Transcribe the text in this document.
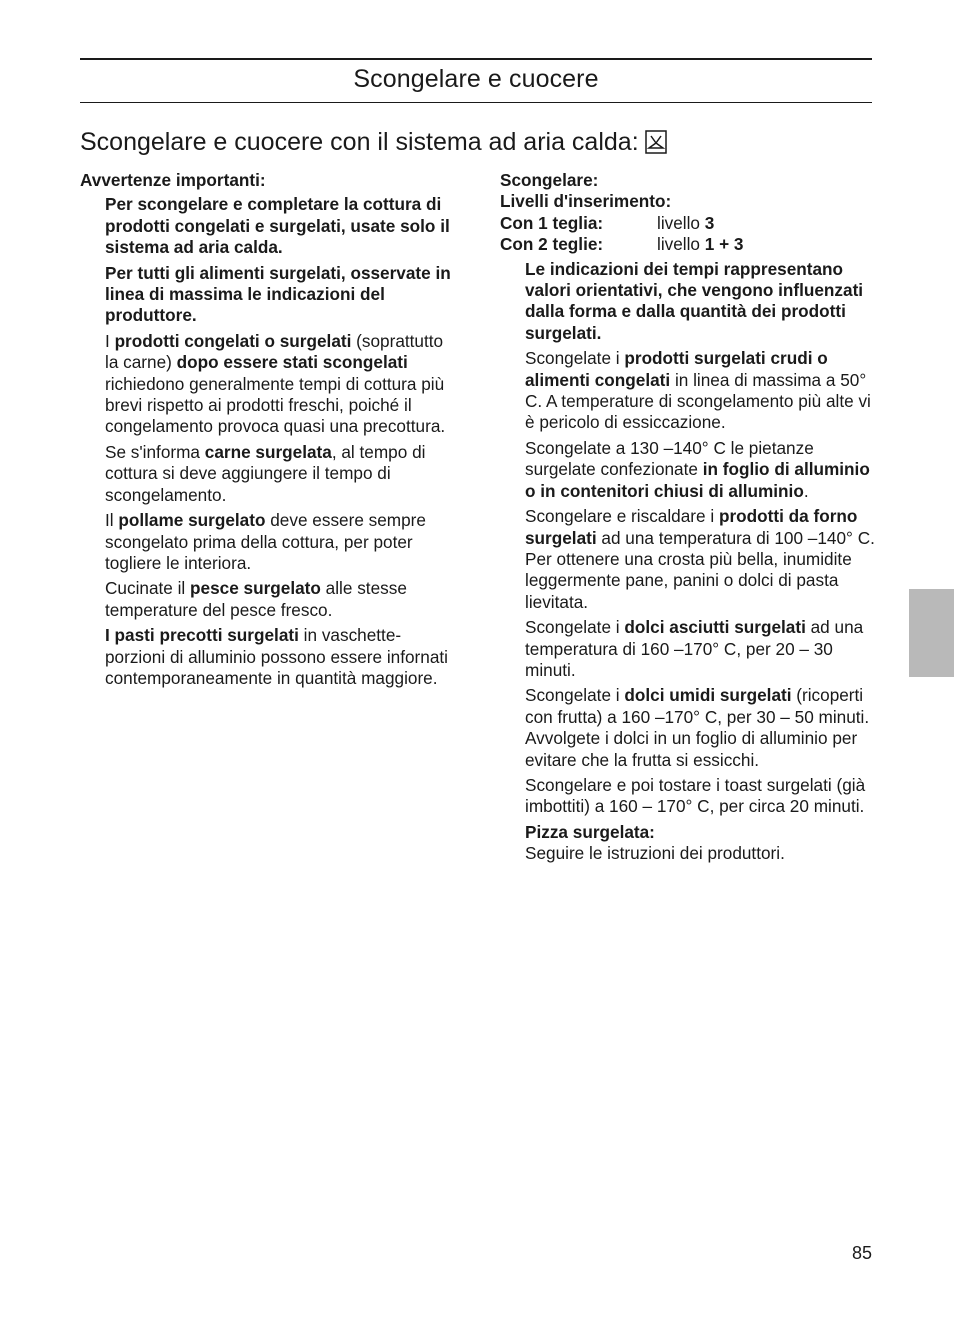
Scongelare e cuocere
Scongelare e cuocere con il sistema ad aria calda:

Avvertenze importanti:

Per scongelare e completare la cottura di prodotti congelati e surgelati, usate solo il sistema ad aria calda.

Per tutti gli alimenti surgelati, osservate in linea di massima le indicazioni del produttore.

I prodotti congelati o surgelati (soprattutto la carne) dopo essere stati scongelati richiedono generalmente tempi di cottura più brevi rispetto ai prodotti freschi, poiché il congelamento provoca quasi una precottura.

Se s'informa carne surgelata, al tempo di cottura si deve aggiungere il tempo di scongelamento.

Il pollame surgelato deve essere sempre scongelato prima della cottura, per poter togliere le interiora.

Cucinate il pesce surgelato alle stesse temperature del pesce fresco.

I pasti precotti surgelati in vaschette-porzioni di alluminio possono essere infornati contemporaneamente in quantità maggiore.

Scongelare:

Livelli d'inserimento:

Con 1 teglia:	livello 3

Con 2 teglie:	livello 1 + 3

Le indicazioni dei tempi rappresentano valori orientativi, che vengono influenzati dalla forma e dalla quantità dei prodotti surgelati.

Scongelate i prodotti surgelati crudi o alimenti congelati in linea di massima a 50° C. A temperature di scongelamento più alte vi è pericolo di essiccazione.

Scongelate a 130 –140° C le pietanze surgelate confezionate in foglio di alluminio o in contenitori chiusi di alluminio.

Scongelare e riscaldare i prodotti da forno surgelati ad una temperatura di 100 –140° C. Per ottenere una crosta più bella, inumidite leggermente pane, panini o dolci di pasta lievitata.

Scongelate i dolci asciutti surgelati ad una temperatura di 160 –170° C, per 20 – 30 minuti.

Scongelate i dolci umidi surgelati (ricoperti con frutta) a 160 –170° C, per 30 – 50 minuti. Avvolgete i dolci in un foglio di alluminio per evitare che la frutta si essicchi.

Scongelare e poi tostare i toast surgelati (già imbottiti) a 160 – 170° C, per circa 20 minuti.

Pizza surgelata:
Seguire le istruzioni dei produttori.

85
